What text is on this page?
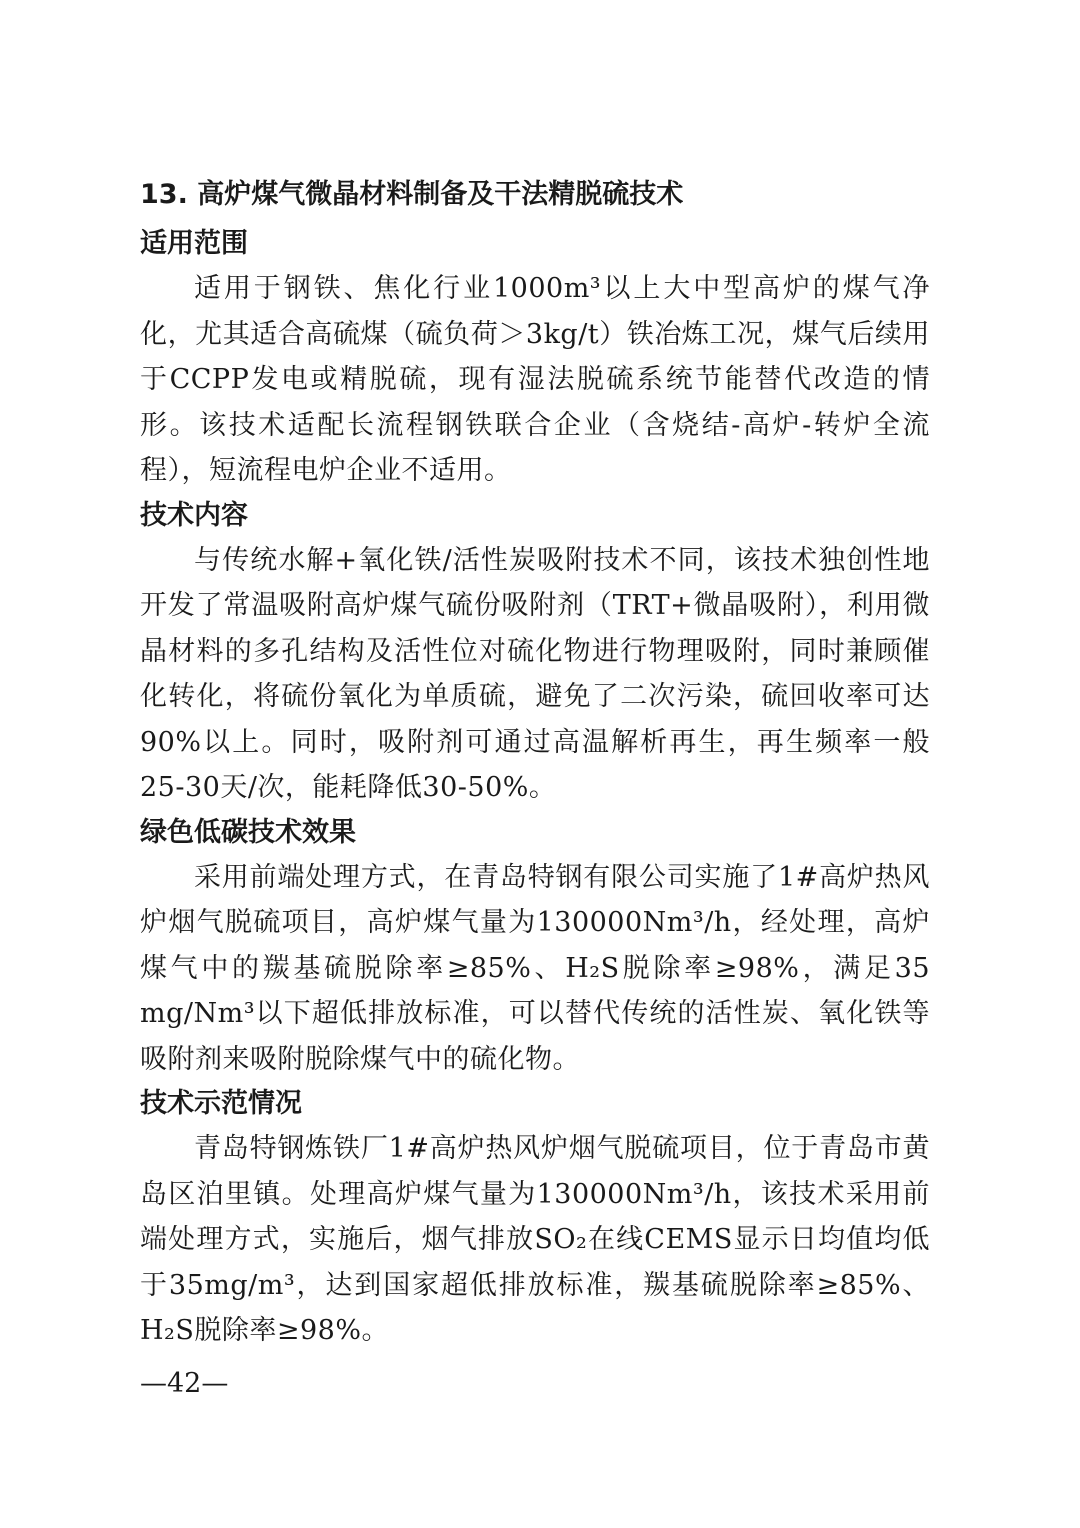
13. 高炉煤气微晶材料制备及干法精脱硫技术
适用范围

适用于钢铁、焦化行业1000m³以上大中型高炉的煤气净化，尤其适合高硫煤（硫负荷＞3kg/t）铁冶炼工况，煤气后续用于CCPP发电或精脱硫，现有湿法脱硫系统节能替代改造的情形。该技术适配长流程钢铁联合企业（含烧结-高炉-转炉全流程），短流程电炉企业不适用。

技术内容

与传统水解+氧化铁/活性炭吸附技术不同，该技术独创性地开发了常温吸附高炉煤气硫份吸附剂（TRT+微晶吸附），利用微晶材料的多孔结构及活性位对硫化物进行物理吸附，同时兼顾催化转化，将硫份氧化为单质硫，避免了二次污染，硫回收率可达90%以上。同时，吸附剂可通过高温解析再生，再生频率一般25-30天/次，能耗降低30-50%。

绿色低碳技术效果

采用前端处理方式，在青岛特钢有限公司实施了1#高炉热风炉烟气脱硫项目，高炉煤气量为130000Nm³/h，经处理，高炉煤气中的羰基硫脱除率≥85%、H₂S脱除率≥98%，满足35 mg/Nm³以下超低排放标准，可以替代传统的活性炭、氧化铁等吸附剂来吸附脱除煤气中的硫化物。

技术示范情况

青岛特钢炼铁厂1#高炉热风炉烟气脱硫项目，位于青岛市黄岛区泊里镇。处理高炉煤气量为130000Nm³/h，该技术采用前端处理方式，实施后，烟气排放SO₂在线CEMS显示日均值均低于35mg/m³，达到国家超低排放标准，羰基硫脱除率≥85%、H₂S脱除率≥98%。

—42—
